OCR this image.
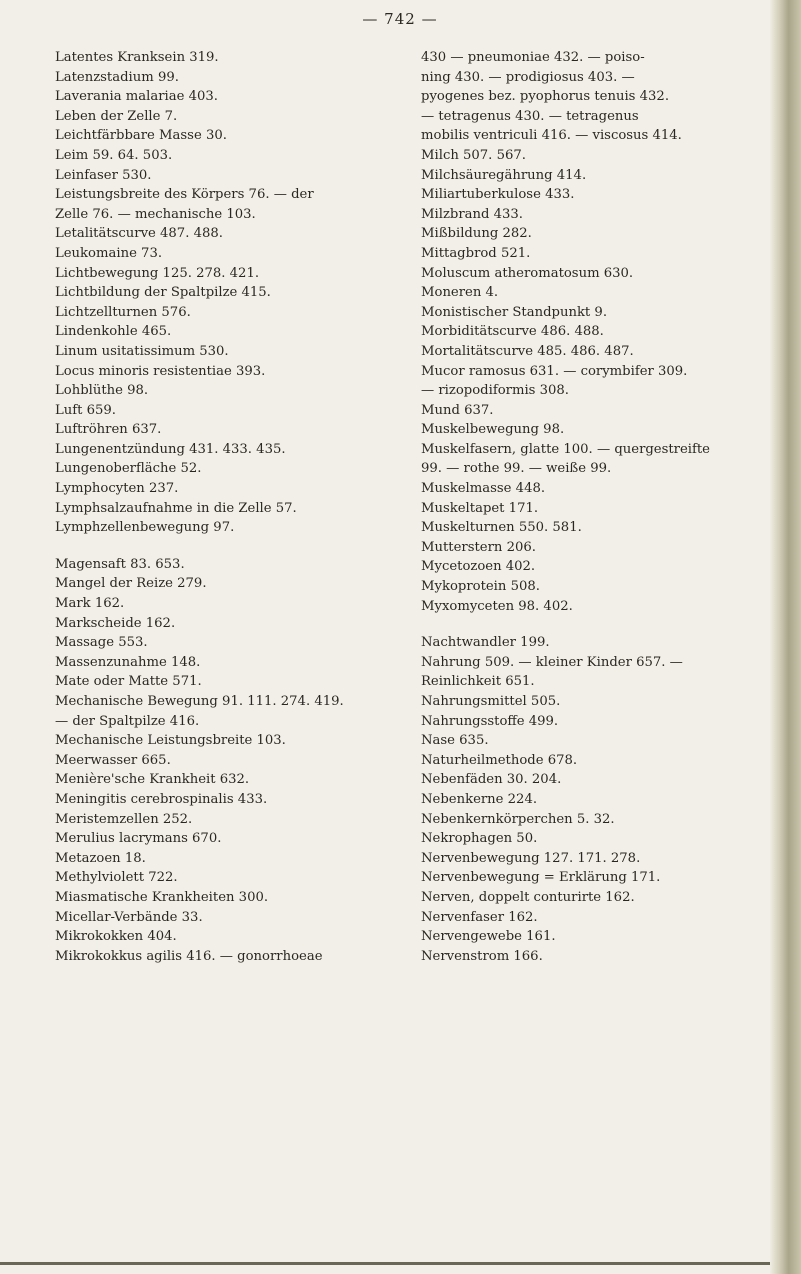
— 742 —
Latentes Kranksein 319.
Latenzstadium 99.
Laverania malariae 403.
Leben der Zelle 7.
Leichtfärbbare Masse 30.
Leim 59. 64. 503.
Leinfaser 530.
Leistungsbreite des Körpers 76. — der
Zelle 76. — mechanische 103.
Letalitätscurve 487. 488.
Leukomaine 73.
Lichtbewegung 125. 278. 421.
Lichtbildung der Spaltpilze 415.
Lichtzellturnen 576.
Lindenkohle 465.
Linum usitatissimum 530.
Locus minoris resistentiae 393.
Lohblüthe 98.
Luft 659.
Luftröhren 637.
Lungenentzündung 431. 433. 435.
Lungenoberfläche 52.
Lymphocyten 237.
Lymphsalzaufnahme in die Zelle 57.
Lymphzellenbewegung 97.
Magensaft 83. 653.
Mangel der Reize 279.
Mark 162.
Markscheide 162.
Massage 553.
Massenzunahme 148.
Mate oder Matte 571.
Mechanische Bewegung 91. 111. 274. 419.
— der Spaltpilze 416.
Mechanische Leistungsbreite 103.
Meerwasser 665.
Menière'sche Krankheit 632.
Meningitis cerebrospinalis 433.
Meristemzellen 252.
Merulius lacrymans 670.
Metazoen 18.
Methylviolett 722.
Miasmatische Krankheiten 300.
Micellar-Verbände 33.
Mikrokokken 404.
Mikrokokkus agilis 416. — gonorrhoeae
430 — pneumoniae 432. — poiso-
ning 430. — prodigiosus 403. —
pyogenes bez. pyophorus tenuis 432.
— tetragenus 430. — tetragenus
mobilis ventriculi 416. — viscosus 414.
Milch 507. 567.
Milchsäuregährung 414.
Miliartuberkulose 433.
Milzbrand 433.
Mißbildung 282.
Mittagbrod 521.
Moluscum atheromatosum 630.
Moneren 4.
Monistischer Standpunkt 9.
Morbiditätscurve 486. 488.
Mortalitätscurve 485. 486. 487.
Mucor ramosus 631. — corymbifer 309.
— rizopodiformis 308.
Mund 637.
Muskelbewegung 98.
Muskelfasern, glatte 100. — quergestreifte
99. — rothe 99. — weiße 99.
Muskelmasse 448.
Muskeltapet 171.
Muskelturnen 550. 581.
Mutterstern 206.
Mycetozoen 402.
Mykoprotein 508.
Myxomyceten 98. 402.
Nachtwandler 199.
Nahrung 509. — kleiner Kinder 657. —
Reinlichkeit 651.
Nahrungsmittel 505.
Nahrungsstoffe 499.
Nase 635.
Naturheilmethode 678.
Nebenfäden 30. 204.
Nebenkerne 224.
Nebenkernkörperchen 5. 32.
Nekrophagen 50.
Nervenbewegung 127. 171. 278.
Nervenbewegung = Erklärung 171.
Nerven, doppelt conturirte 162.
Nervenfaser 162.
Nervengewebe 161.
Nervenstrom 166.
